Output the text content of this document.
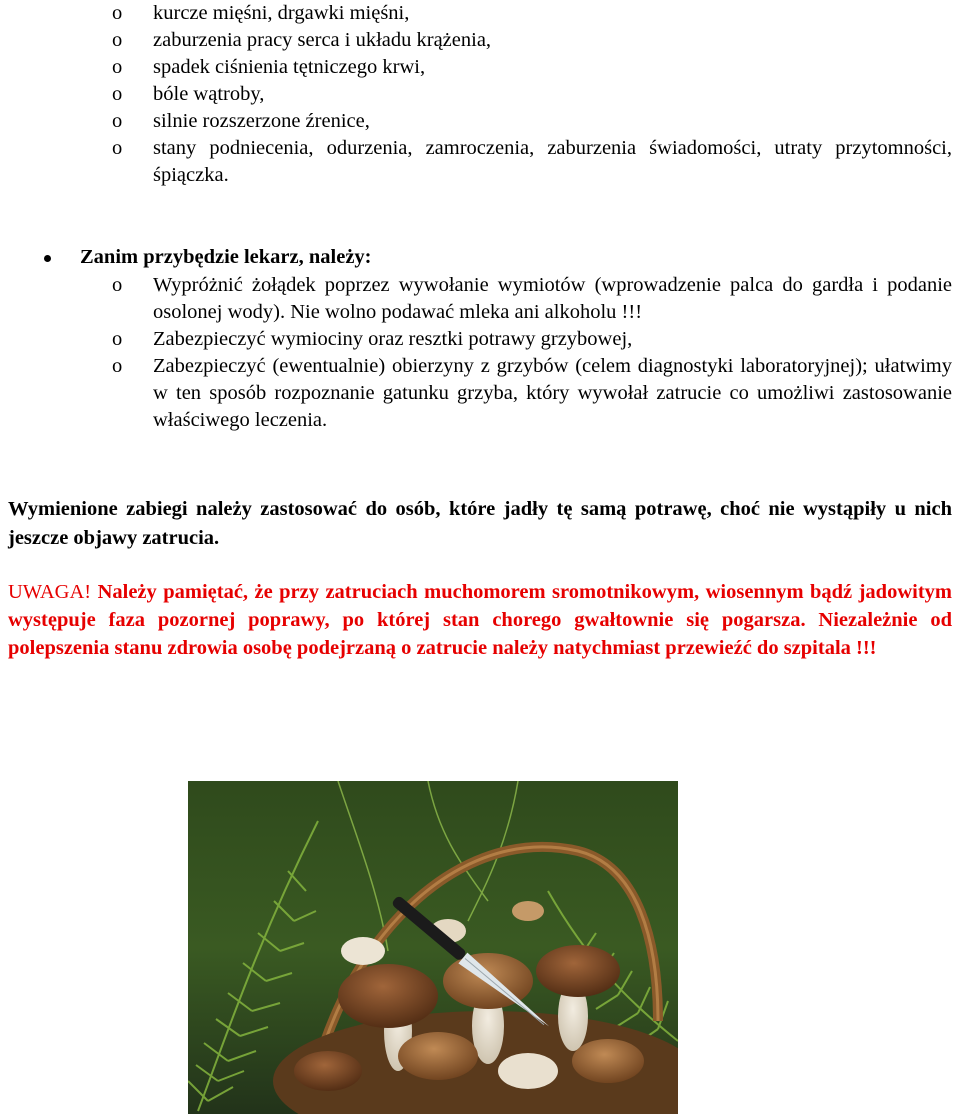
o kurcze mięśni, drgawki mięśni,
o zaburzenia pracy serca i układu krążenia,
o spadek ciśnienia tętniczego krwi,
o bóle wątroby,
o silnie rozszerzone źrenice,
o stany podniecenia, odurzenia, zamroczenia, zaburzenia świadomości, utraty przytomności, śpiączka.
Zanim przybędzie lekarz, należy:
o Wypróżnić żołądek poprzez wywołanie wymiotów (wprowadzenie palca do gardła i podanie osolonej wody). Nie wolno podawać mleka ani alkoholu !!!
o Zabezpieczyć wymiociny oraz resztki potrawy grzybowej,
o Zabezpieczyć (ewentualnie) obierzyny z grzybów (celem diagnostyki laboratoryjnej); ułatwimy w ten sposób rozpoznanie gatunku grzyba, który wywołał zatrucie co umożliwi zastosowanie właściwego leczenia.

Wymienione zabiegi należy zastosować do osób, które jadły tę samą potrawę, choć nie wystąpiły u nich jeszcze objawy zatrucia.

UWAGA! Należy pamiętać, że przy zatruciach muchomorem sromotnikowym, wiosennym bądź jadowitym występuje faza pozornej poprawy, po której stan chorego gwałtownie się pogarsza. Niezależnie od polepszenia stanu zdrowia osobę podejrzaną o zatrucie należy natychmiast przewieźć do szpitala !!!
